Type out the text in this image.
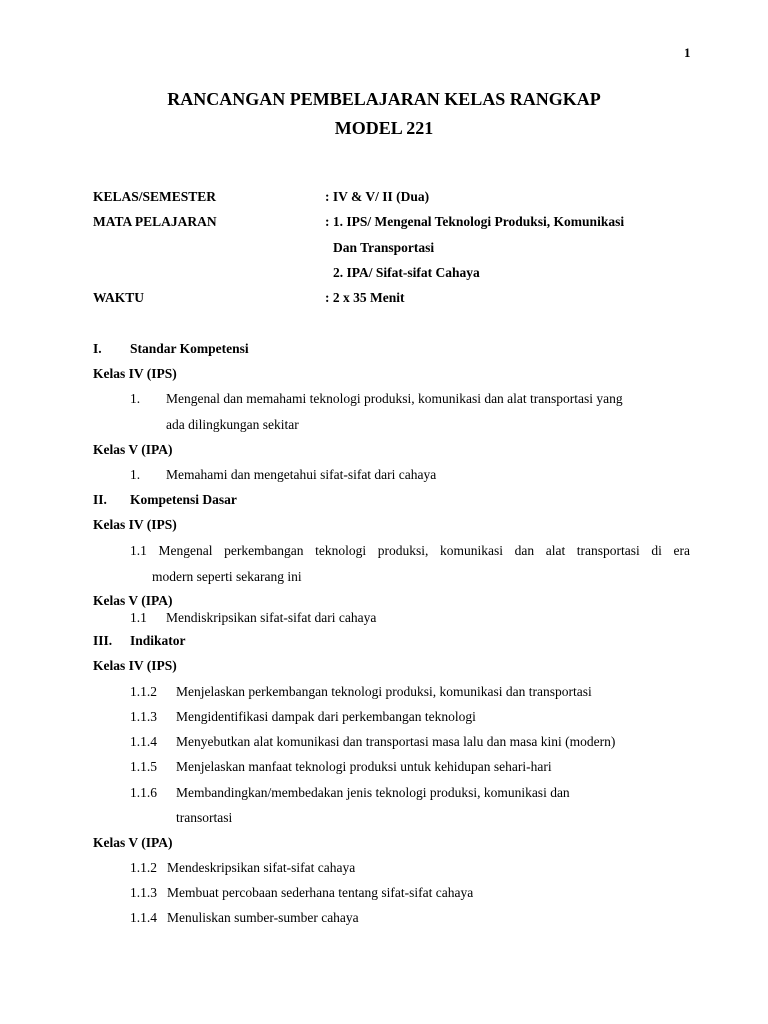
1
RANCANGAN PEMBELAJARAN KELAS RANGKAP
MODEL 221
KELAS/SEMESTER	: IV & V/ II (Dua)
MATA PELAJARAN	: 1. IPS/ Mengenal Teknologi Produksi, Komunikasi
Dan Transportasi
2. IPA/ Sifat-sifat Cahaya
WAKTU	: 2 x 35 Menit
I. Standar Kompetensi
Kelas IV (IPS)
1. Mengenal dan memahami teknologi produksi, komunikasi dan alat transportasi yang
ada dilingkungan sekitar
Kelas V (IPA)
1. Memahami dan mengetahui sifat-sifat dari cahaya
II. Kompetensi Dasar
Kelas IV (IPS)
1.1 Mengenal perkembangan teknologi produksi, komunikasi dan alat transportasi di era
modern seperti sekarang ini
Kelas V (IPA)
1.1 Mendiskripsikan sifat-sifat dari cahaya
III. Indikator
Kelas IV (IPS)
1.1.2 Menjelaskan perkembangan teknologi produksi, komunikasi dan transportasi
1.1.3 Mengidentifikasi dampak dari perkembangan teknologi
1.1.4 Menyebutkan alat komunikasi dan transportasi masa lalu dan masa kini (modern)
1.1.5 Menjelaskan manfaat teknologi produksi untuk kehidupan sehari-hari
1.1.6 Membandingkan/membedakan jenis teknologi produksi, komunikasi dan
transortasi
Kelas V (IPA)
1.1.2 Mendeskripsikan sifat-sifat cahaya
1.1.3 Membuat percobaan sederhana tentang sifat-sifat cahaya
1.1.4 Menuliskan sumber-sumber cahaya
